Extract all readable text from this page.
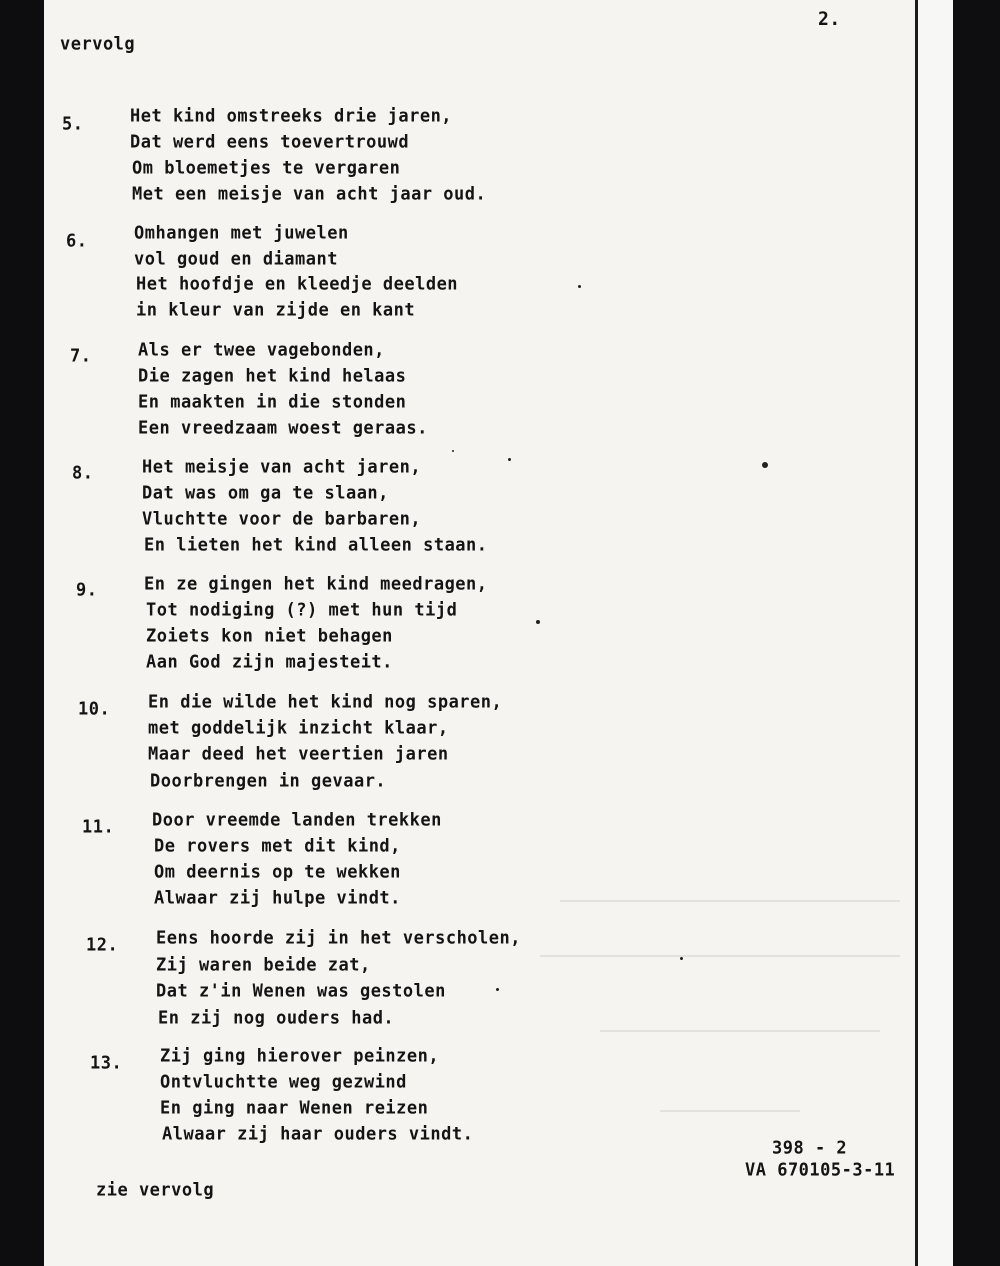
2.
vervolg
5.	Het kind omstreeks drie jaren,
Dat werd eens toevertrouwd
Om bloemetjes te vergaren
Met een meisje van acht jaar oud.
6.	Omhangen met juwelen
vol goud en diamant
Het hoofdje en kleedje deelden
in kleur van zijde en kant
7.	Als er twee vagebonden,
Die zagen het kind helaas
En maakten in die stonden
Een vreedzaam woest geraas.
8.	Het meisje van acht jaren,
Dat was om ga te slaan,
Vluchtte voor de barbaren,
En lieten het kind alleen staan.
9.	En ze gingen het kind meedragen,
Tot nodiging (?) met hun tijd
Zoiets kon niet behagen
Aan God zijn majesteit.
10. En die wilde het kind nog sparen,
met goddelijk inzicht klaar,
Maar deed het veertien jaren
Doorbrengen in gevaar.
11. Door vreemde landen trekken
De rovers met dit kind,
Om deernis op te wekken
Alwaar zij hulpe vindt.
12. Eens hoorde zij in het verscholen,
Zij waren beide zat,
Dat z'in Wenen was gestolen
En zij nog ouders had.
13. Zij ging hierover peinzen,
Ontvluchtte weg gezwind
En ging naar Wenen reizen
Alwaar zij haar ouders vindt.
zie vervolg
398 - 2
VA 670105-3-11
